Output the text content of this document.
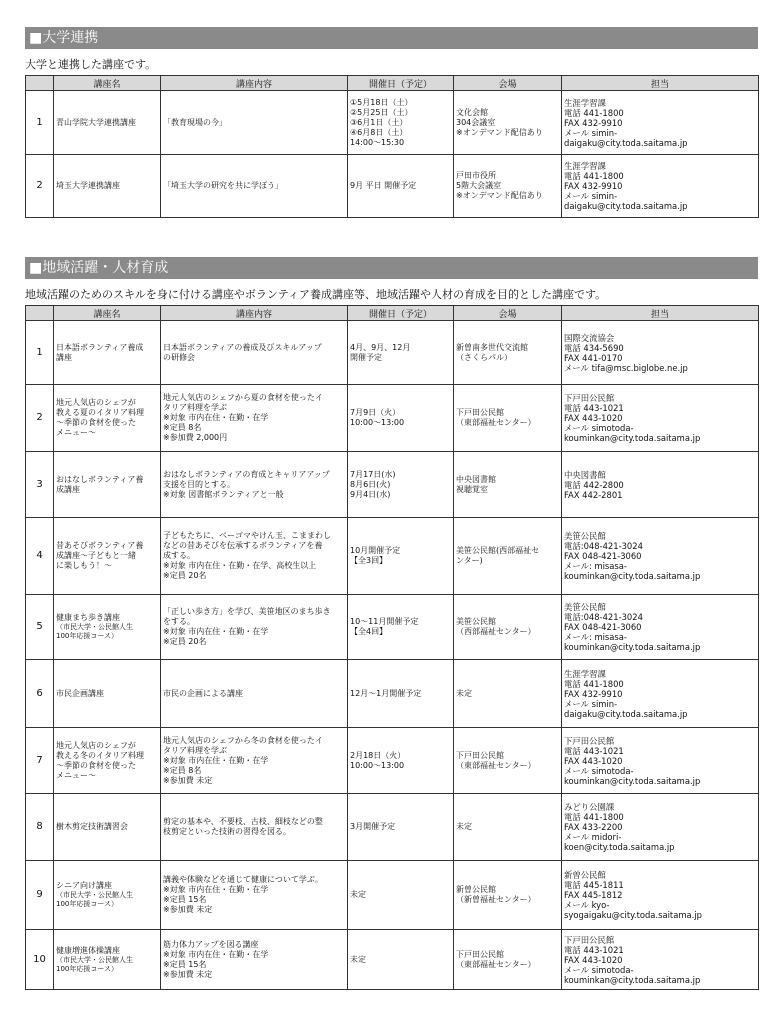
■大学連携
大学と連携した講座です。
	講座名	講座内容	開催日（予定）	会場	担当
1	青山学院大学連携講座	「教育現場の今」	①5月18日（土）
②5月25日（土）
③6月1日（土）
④6月8日（土）
14:00～15:30	文化会館
304会議室
※オンデマンド配信あり	生涯学習課
電話 441-1800
FAX 432-9910
メール simin-
daigaku@city.toda.saitama.jp

2	埼玉大学連携講座	「埼玉大学の研究を共に学ぼう」	9月 平日 開催予定	戸田市役所
5階大会議室
※オンデマンド配信あり	生涯学習課
電話 441-1800
FAX 432-9910
メール simin-
daigaku@city.toda.saitama.jp
■地域活躍・人材育成
地域活躍のためのスキルを身に付ける講座やボランティア養成講座等、地域活躍や人材の育成を目的とした講座です。
	講座名	講座内容	開催日（予定）	会場	担当
1	日本語ボランティア養成
講座	日本語ボランティアの養成及びスキルアップ
の研修会	4月、9月、12月
開催予定	新曽南多世代交流館
（さくらパル）	国際交流協会
電話 434-5690
FAX 441-0170
メール tifa@msc.biglobe.ne.jp

2	地元人気店のシェフが
教える夏のイタリア料理
～季節の食材を使った
メニュー～	地元人気店のシェフから夏の食材を使ったイ
タリア料理を学ぶ
※対象 市内在住・在勤・在学
※定員 8名
※参加費 2,000円	7月9日（火）
10:00～13:00	下戸田公民館
（東部福祉センター）	下戸田公民館
電話 443-1021
FAX 443-1020
メール simotoda-
kouminkan@city.toda.saitama.jp

3	おはなしボランティア養
成講座	おはなしボランティアの育成とキャリアアップ
支援を目的とする。
※対象 図書館ボランティアと一般	7月17日(水)
8月6日(火)
9月4日(水)	中央図書館
視聴覚室	中央図書館
電話 442-2800
FAX 442-2801

4	昔あそびボランティア養
成講座～子どもと一緒
に楽しもう！～	子どもたちに、ベーゴマやけん玉、こままわし
などの昔あそびを伝承するボランティアを養
成する。
※対象 市内在住・在勤・在学、高校生以上
※定員 20名	10月開催予定
【全3回】	美笹公民館(西部福祉セ
ンター)	美笹公民館
電話:048-421-3024
FAX 048-421-3060
メール: misasa-
kouminkan@city.toda.saitama.jp

5	健康まち歩き講座
（市民大学・公民館人生
100年応援コース）	「正しい歩き方」を学び、美笹地区のまち歩き
をする。
※対象 市内在住・在勤・在学
※定員 20名	10～11月開催予定
【全4回】	美笹公民館
（西部福祉センター）	美笹公民館
電話:048-421-3024
FAX 048-421-3060
メール: misasa-
kouminkan@city.toda.saitama.jp

6	市民企画講座	市民の企画による講座	12月～1月開催予定	未定	生涯学習課
電話 441-1800
FAX 432-9910
メール simin-
daigaku@city.toda.saitama.jp

7	地元人気店のシェフが
教える冬のイタリア料理
～季節の食材を使った
メニュー～	地元人気店のシェフから冬の食材を使ったイ
タリア料理を学ぶ
※対象 市内在住・在勤・在学
※定員 8名
※参加費 未定	2月18日（火）
10:00～13:00	下戸田公民館
（東部福祉センター）	下戸田公民館
電話 443-1021
FAX 443-1020
メール simotoda-
kouminkan@city.toda.saitama.jp

8	樹木剪定技術講習会	剪定の基本や、不要枝、古枝、細枝などの整
枝剪定といった技術の習得を図る。	3月開催予定	未定	みどり公園課
電話 441-1800
FAX 433-2200
メール midori-
koen@city.toda.saitama.jp

9	シニア向け講座
（市民大学・公民館人生
100年応援コース）	講義や体験などを通じて健康について学ぶ。
※対象 市内在住・在勤・在学
※定員 15名
※参加費 未定	未定	新曽公民館
（新曽福祉センター）	新曽公民館
電話 445-1811
FAX 445-1812
メール kyo-
syogaigaku@city.toda.saitama.jp

10	健康増進体操講座
（市民大学・公民館人生
100年応援コース）	筋力体力アップを図る講座
※対象 市内在住・在勤・在学
※定員 15名
※参加費 未定	未定	下戸田公民館
（東部福祉センター）	下戸田公民館
電話 443-1021
FAX 443-1020
メール simotoda-
kouminkan@city.toda.saitama.jp
